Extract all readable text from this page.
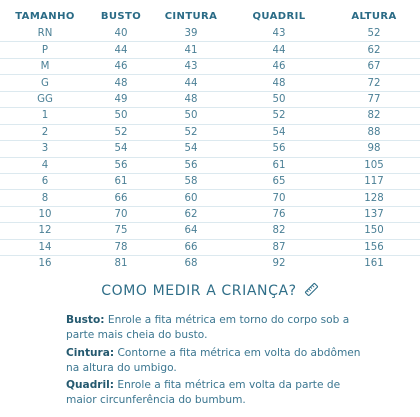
TAMANHO	BUSTO	CINTURA	QUADRIL	ALTURA
RN	40	39	43	52
P	44	41	44	62
M	46	43	46	67
G	48	44	48	72
GG	49	48	50	77
1	50	50	52	82
2	52	52	54	88
3	54	54	56	98
4	56	56	61	105
6	61	58	65	117
8	66	60	70	128
10	70	62	76	137
12	75	64	82	150
14	78	66	87	156
16	81	68	92	161
COMO MEDIR A CRIANÇA?
Busto: Enrole a fita métrica em torno do corpo sob a parte mais cheia do busto.
Cintura: Contorne a fita métrica em volta do abdômen na altura do umbigo.
Quadril: Enrole a fita métrica em volta da parte de maior circunferência do bumbum.
